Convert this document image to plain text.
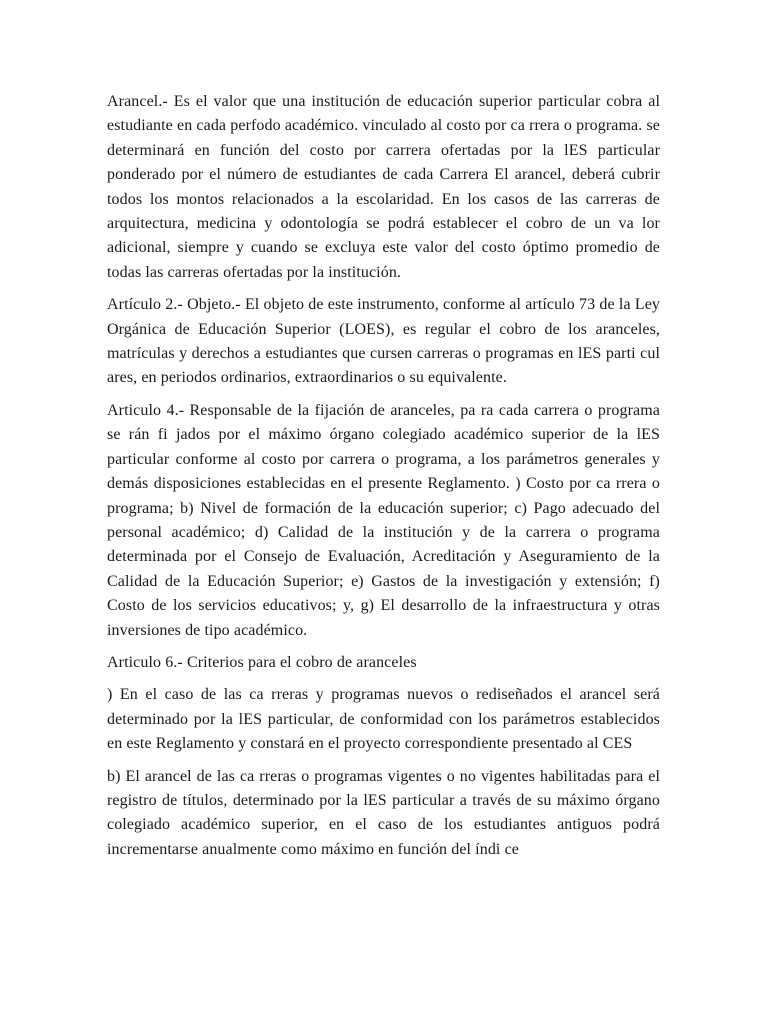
Arancel.- Es el valor que una institución de educación superior particular cobra al estudiante en cada perfodo académico. vinculado al costo por ca rrera o programa. se determinará en función del costo por carrera ofertadas por la lES particular ponderado por el número de estudiantes de cada Carrera El arancel, deberá cubrir todos los montos relacionados a la escolaridad. En los casos de las carreras de arquitectura, medicina y odontología se podrá establecer el cobro de un va lor adicional, siempre y cuando se excluya este valor del costo óptimo promedio de todas las carreras ofertadas por la institución.

Artículo 2.- Objeto.- El objeto de este instrumento, conforme al artículo 73 de la Ley Orgánica de Educación Superior (LOES), es regular el cobro de los aranceles, matrículas y derechos a estudiantes que cursen carreras o programas en lES parti cul ares, en periodos ordinarios, extraordinarios o su equivalente.

Articulo 4.- Responsable de la fijación de aranceles, pa ra cada carrera o programa se rán fi jados por el máximo órgano colegiado académico superior de la lES particular conforme al costo por carrera o programa, a los parámetros generales y demás disposiciones establecidas en el presente Reglamento. ) Costo por ca rrera o programa; b) Nivel de formación de la educación superior; c) Pago adecuado del personal académico; d) Calidad de la institución y de la carrera o programa determinada por el Consejo de Evaluación, Acreditación y Aseguramiento de la Calidad de la Educación Superior; e) Gastos de la investigación y extensión; f) Costo de los servicios educativos; y, g) El desarrollo de la infraestructura y otras inversiones de tipo académico.

Articulo 6.- Criterios para el cobro de aranceles

) En el caso de las ca rreras y programas nuevos o rediseñados el arancel será determinado por la lES particular, de conformidad con los parámetros establecidos en este Reglamento y constará en el proyecto correspondiente presentado al CES

b) El arancel de las ca rreras o programas vigentes o no vigentes habilitadas para el registro de títulos, determinado por la lES particular a través de su máximo órgano colegiado académico superior, en el caso de los estudiantes antiguos podrá incrementarse anualmente como máximo en función del índi ce
